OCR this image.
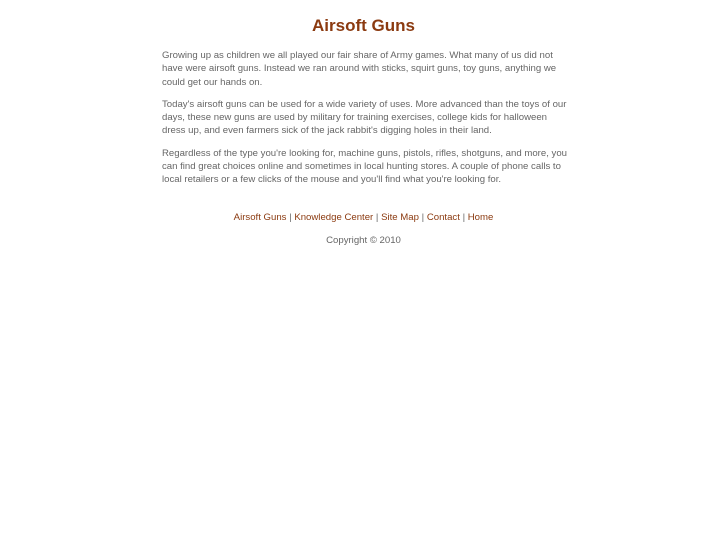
Airsoft Guns

Growing up as children we all played our fair share of Army games. What many of us did not have were airsoft guns. Instead we ran around with sticks, squirt guns, toy guns, anything we could get our hands on.

Today's airsoft guns can be used for a wide variety of uses. More advanced than the toys of our days, these new guns are used by military for training exercises, college kids for halloween dress up, and even farmers sick of the jack rabbit's digging holes in their land.

Regardless of the type you're looking for, machine guns, pistols, rifles, shotguns, and more, you can find great choices online and sometimes in local hunting stores. A couple of phone calls to local retailers or a few clicks of the mouse and you'll find what you're looking for.

Airsoft Guns | Knowledge Center | Site Map | Contact | Home
Copyright © 2010
